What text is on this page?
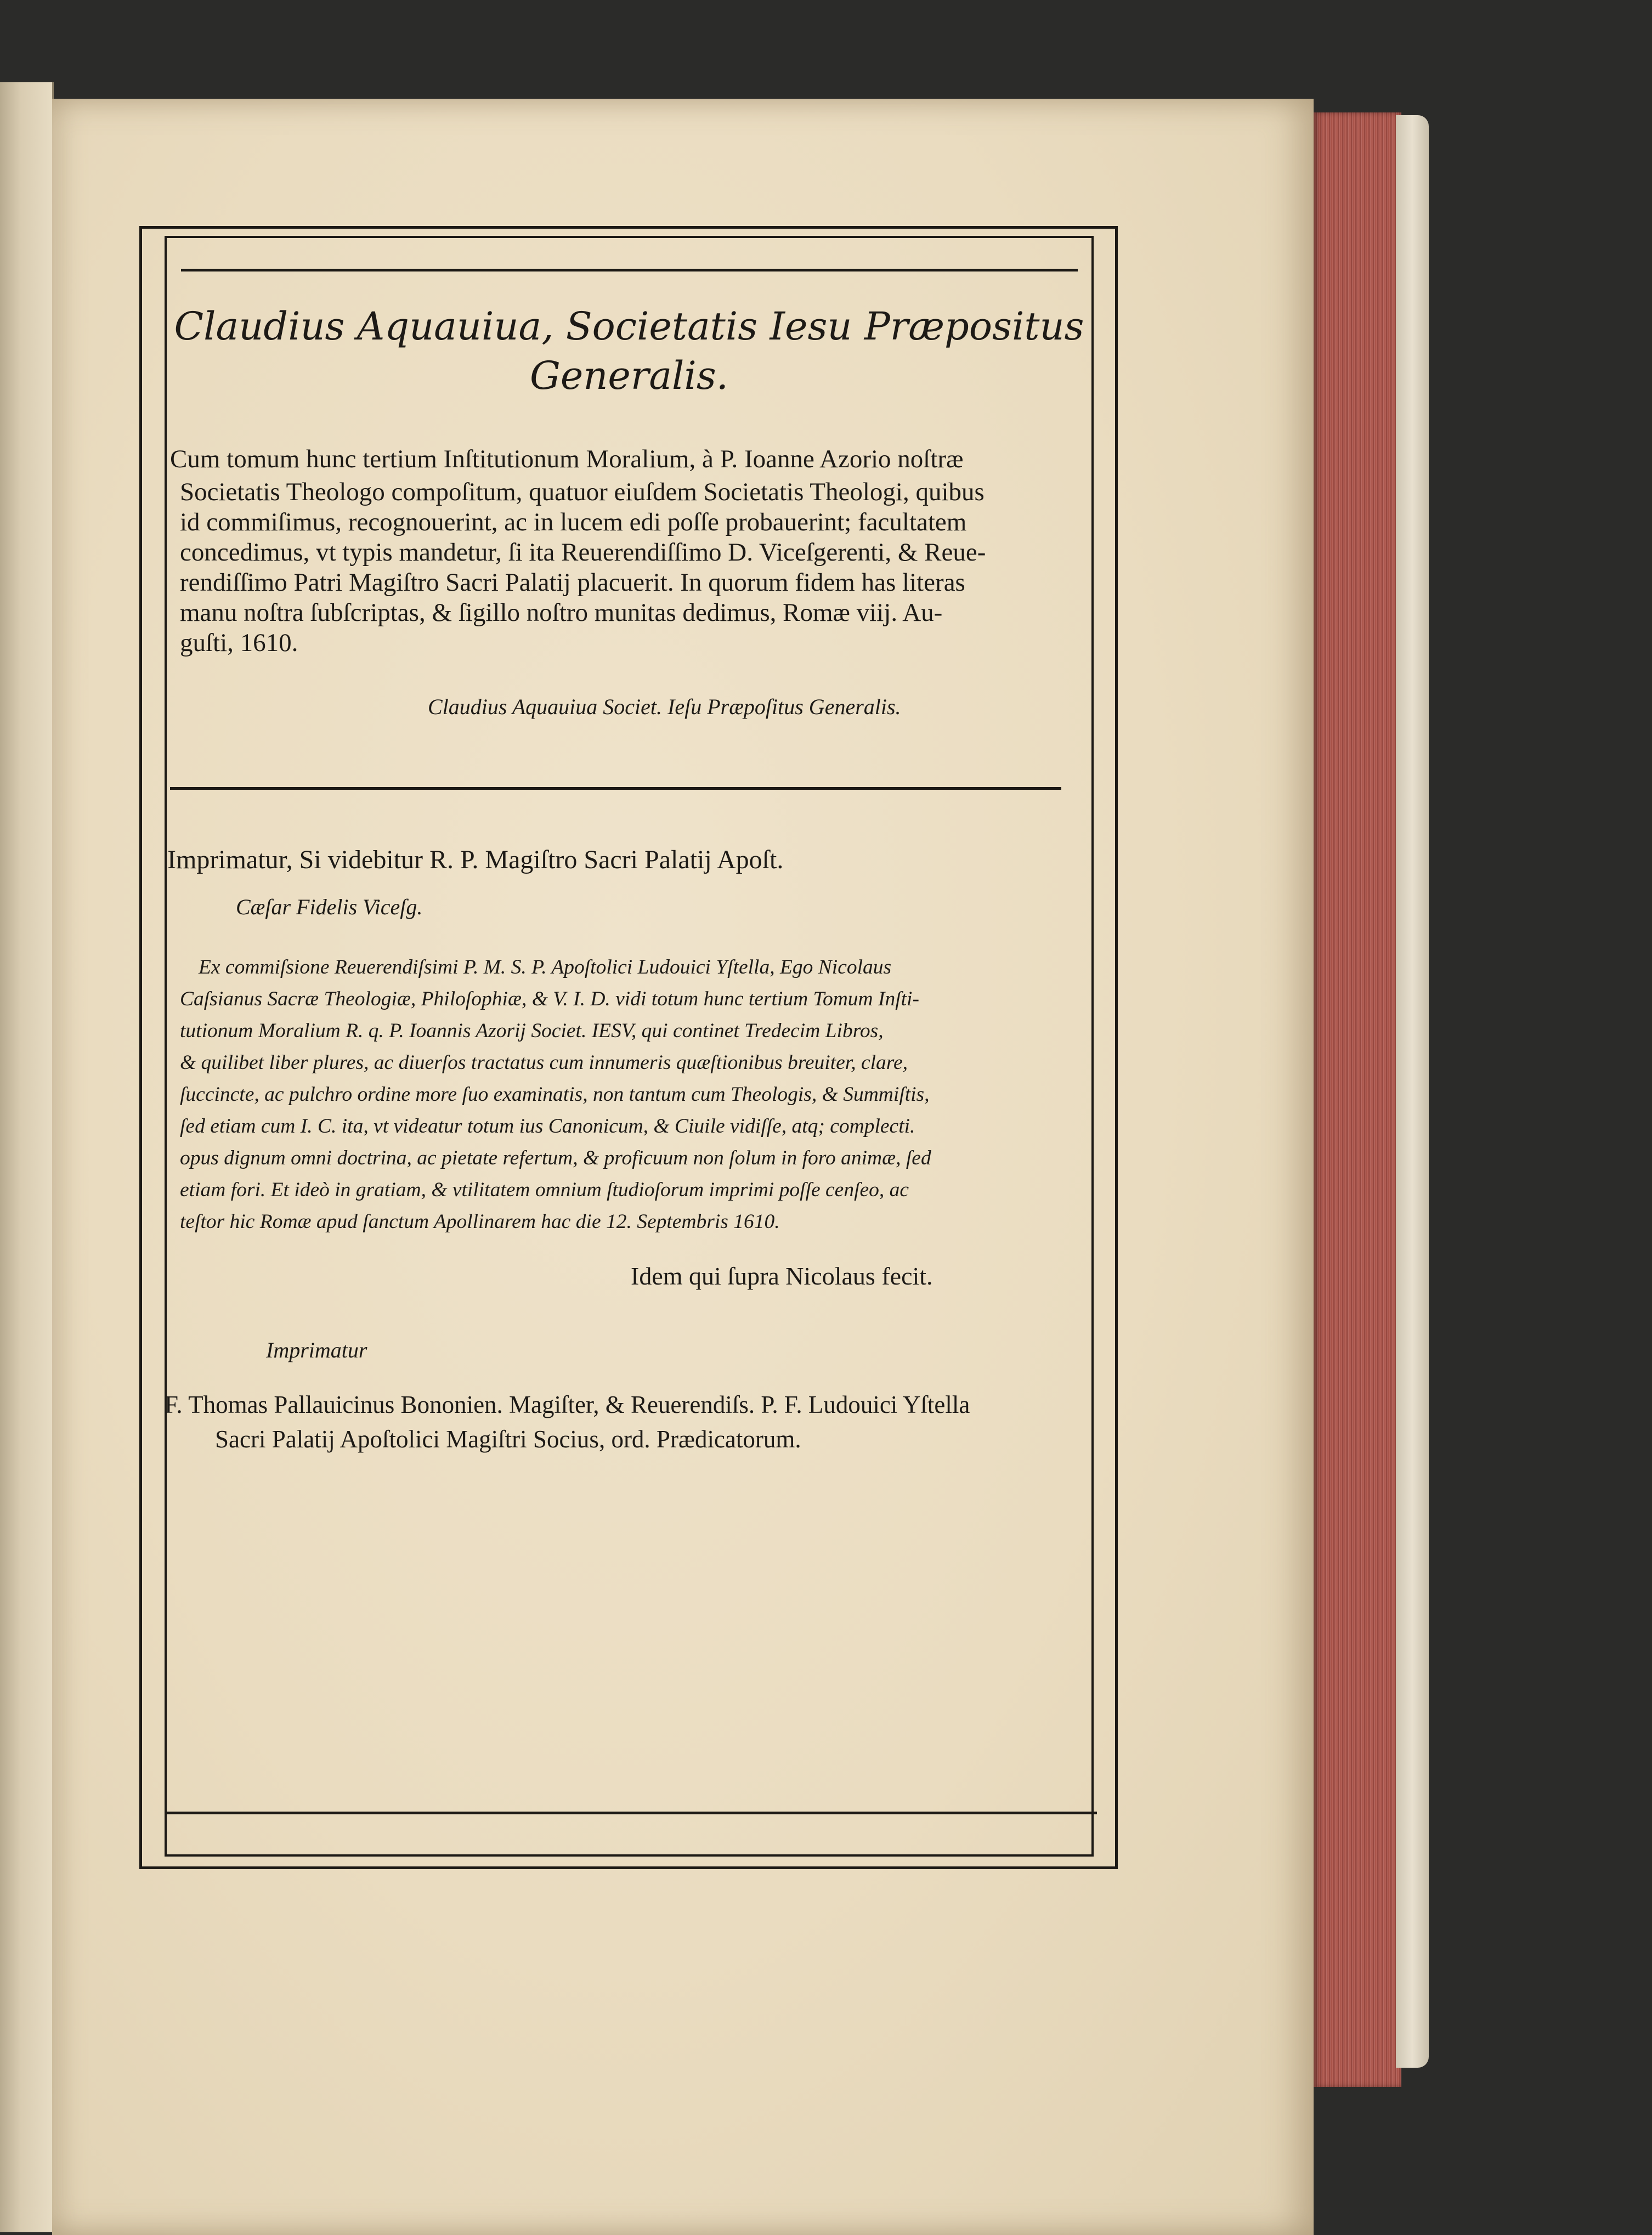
Claudius Aquauiua, Societatis Iesu Præpositus
Generalis.
Cum tomum hunc tertium Inſtitutionum Moralium, à P. Ioanne Azorio noſtræ
Societatis Theologo compoſitum, quatuor eiuſdem Societatis Theologi, quibus
id commiſimus, recognouerint, ac in lucem edi poſſe probauerint; facultatem
concedimus, vt typis mandetur, ſi ita Reuerendiſſimo D. Viceſgerenti, & Reue-
rendiſſimo Patri Magiſtro Sacri Palatij placuerit. In quorum fidem has literas
manu noſtra ſubſcriptas, & ſigillo noſtro munitas dedimus, Romæ viij. Au-
guſti, 1610.
Claudius Aquauiua Societ. Ieſu Præpoſitus Generalis.
Imprimatur, Si videbitur R. P. Magiſtro Sacri Palatij Apoſt.
Cæſar Fidelis Viceſg.
Ex commiſsione Reuerendiſsimi P. M. S. P. Apoſtolici Ludouici Yſtella, Ego Nicolaus
Caſsianus Sacræ Theologiæ, Philoſophiæ, & V. I. D. vidi totum hunc tertium Tomum Inſti-
tutionum Moralium R. q. P. Ioannis Azorij Societ. IESV, qui continet Tredecim Libros,
& quilibet liber plures, ac diuerſos tractatus cum innumeris quæſtionibus breuiter, clare,
ſuccincte, ac pulchro ordine more ſuo examinatis, non tantum cum Theologis, & Summiſtis,
ſed etiam cum I. C. ita, vt videatur totum ius Canonicum, & Ciuile vidiſſe, atq; complecti.
opus dignum omni doctrina, ac pietate refertum, & proficuum non ſolum in foro animæ, ſed
etiam fori. Et ideò in gratiam, & vtilitatem omnium ſtudioſorum imprimi poſſe cenſeo, ac
teſtor hic Romæ apud ſanctum Apollinarem hac die 12. Septembris 1610.
Idem qui ſupra Nicolaus fecit.
Imprimatur
F. Thomas Pallauicinus Bononien. Magiſter, & Reuerendiſs. P. F. Ludouici Yſtella
Sacri Palatij Apoſtolici Magiſtri Socius, ord. Prædicatorum.
